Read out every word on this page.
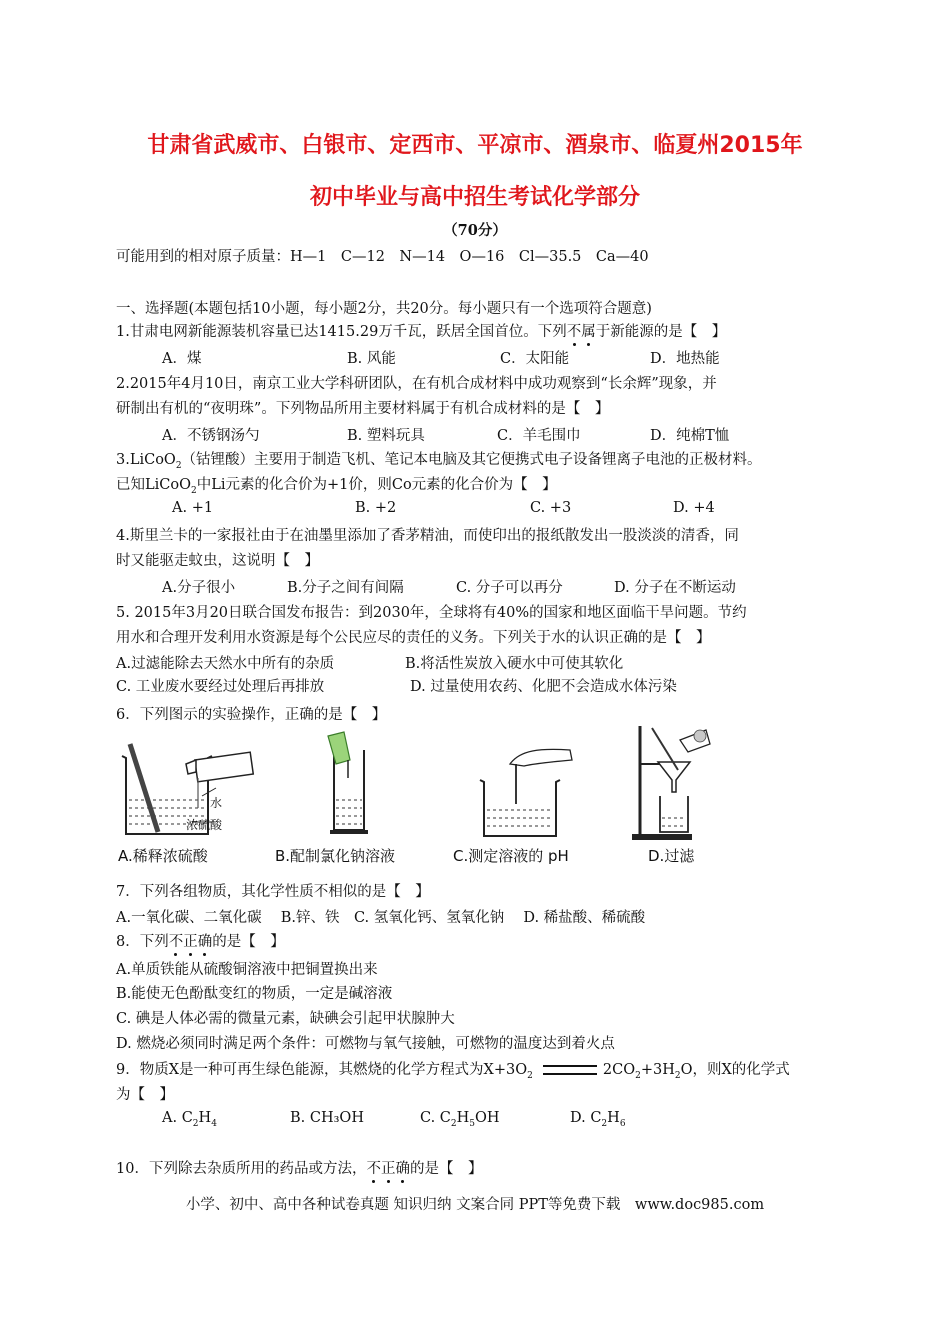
甘肃省武威市、白银市、定西市、平凉市、酒泉市、临夏州2015年
初中毕业与高中招生考试化学部分
（70分）
可能用到的相对原子质量：H—1　C—12　N—14　O—16　Cl—35.5　Ca—40
一、选择题(本题包括10小题，每小题2分，共20分。每小题只有一个选项符合题意)
1.甘肃电网新能源装机容量已达1415.29万千瓦，跃居全国首位。下列不属于新能源的是【　】
A．煤	B. 风能	C．太阳能	D．地热能
2.2015年4月10日，南京工业大学科研团队，在有机合成材料中成功观察到“长余辉”现象，并
研制出有机的“夜明珠”。下列物品所用主要材料属于有机合成材料的是【　】
A．不锈钢汤勺	B. 塑料玩具	C．羊毛围巾	D．纯棉T恤
3.LiCoO$_2$（钴锂酸）主要用于制造飞机、笔记本电脑及其它便携式电子设备锂离子电池的正极材料。
已知LiCoO$_2$中Li元素的化合价为+1价，则Co元素的化合价为【　】
A. +1	B. +2	C. +3	D. +4
4.斯里兰卡的一家报社由于在油墨里添加了香茅精油，而使印出的报纸散发出一股淡淡的清香，同
时又能驱走蚊虫，这说明【　】
A.分子很小	B.分子之间有间隔	C. 分子可以再分	D. 分子在不断运动
5. 2015年3月20日联合国发布报告：到2030年，全球将有40%的国家和地区面临干旱问题。节约
用水和合理开发利用水资源是每个公民应尽的责任的义务。下列关于水的认识正确的是【　】
A.过滤能除去天然水中所有的杂质	B.将活性炭放入硬水中可使其软化
C. 工业废水要经过处理后再排放	D. 过量使用农药、化肥不会造成水体污染
6．下列图示的实验操作，正确的是【　】
水
浓硫酸
A.稀释浓硫酸	B.配制氯化钠溶液	C.测定溶液的 pH	D.过滤
7．下列各组物质，其化学性质不相似的是【　】
A.一氧化碳、二氧化碳　 B.锌、铁　C. 氢氧化钙、氢氧化钠　 D. 稀盐酸、稀硫酸
8．下列不正确的是【　】
A.单质铁能从硫酸铜溶液中把铜置换出来
B.能使无色酚酞变红的物质，一定是碱溶液
C. 碘是人体必需的微量元素，缺碘会引起甲状腺肿大
D. 燃烧必须同时满足两个条件：可燃物与氧气接触，可燃物的温度达到着火点
9．物质X是一种可再生绿色能源，其燃烧的化学方程式为$X+3O_2$	$2CO_2+3H_2O$，则X的化学式
为【　】
A. $C_2H_4$	B. CH₃OH	C. $C_2H_5OH$	D. $C_2H_6$
10．下列除去杂质所用的药品或方法，不正确的是【　】
小学、初中、高中各种试卷真题 知识归纳 文案合同 PPT等免费下载　www.doc985.com
